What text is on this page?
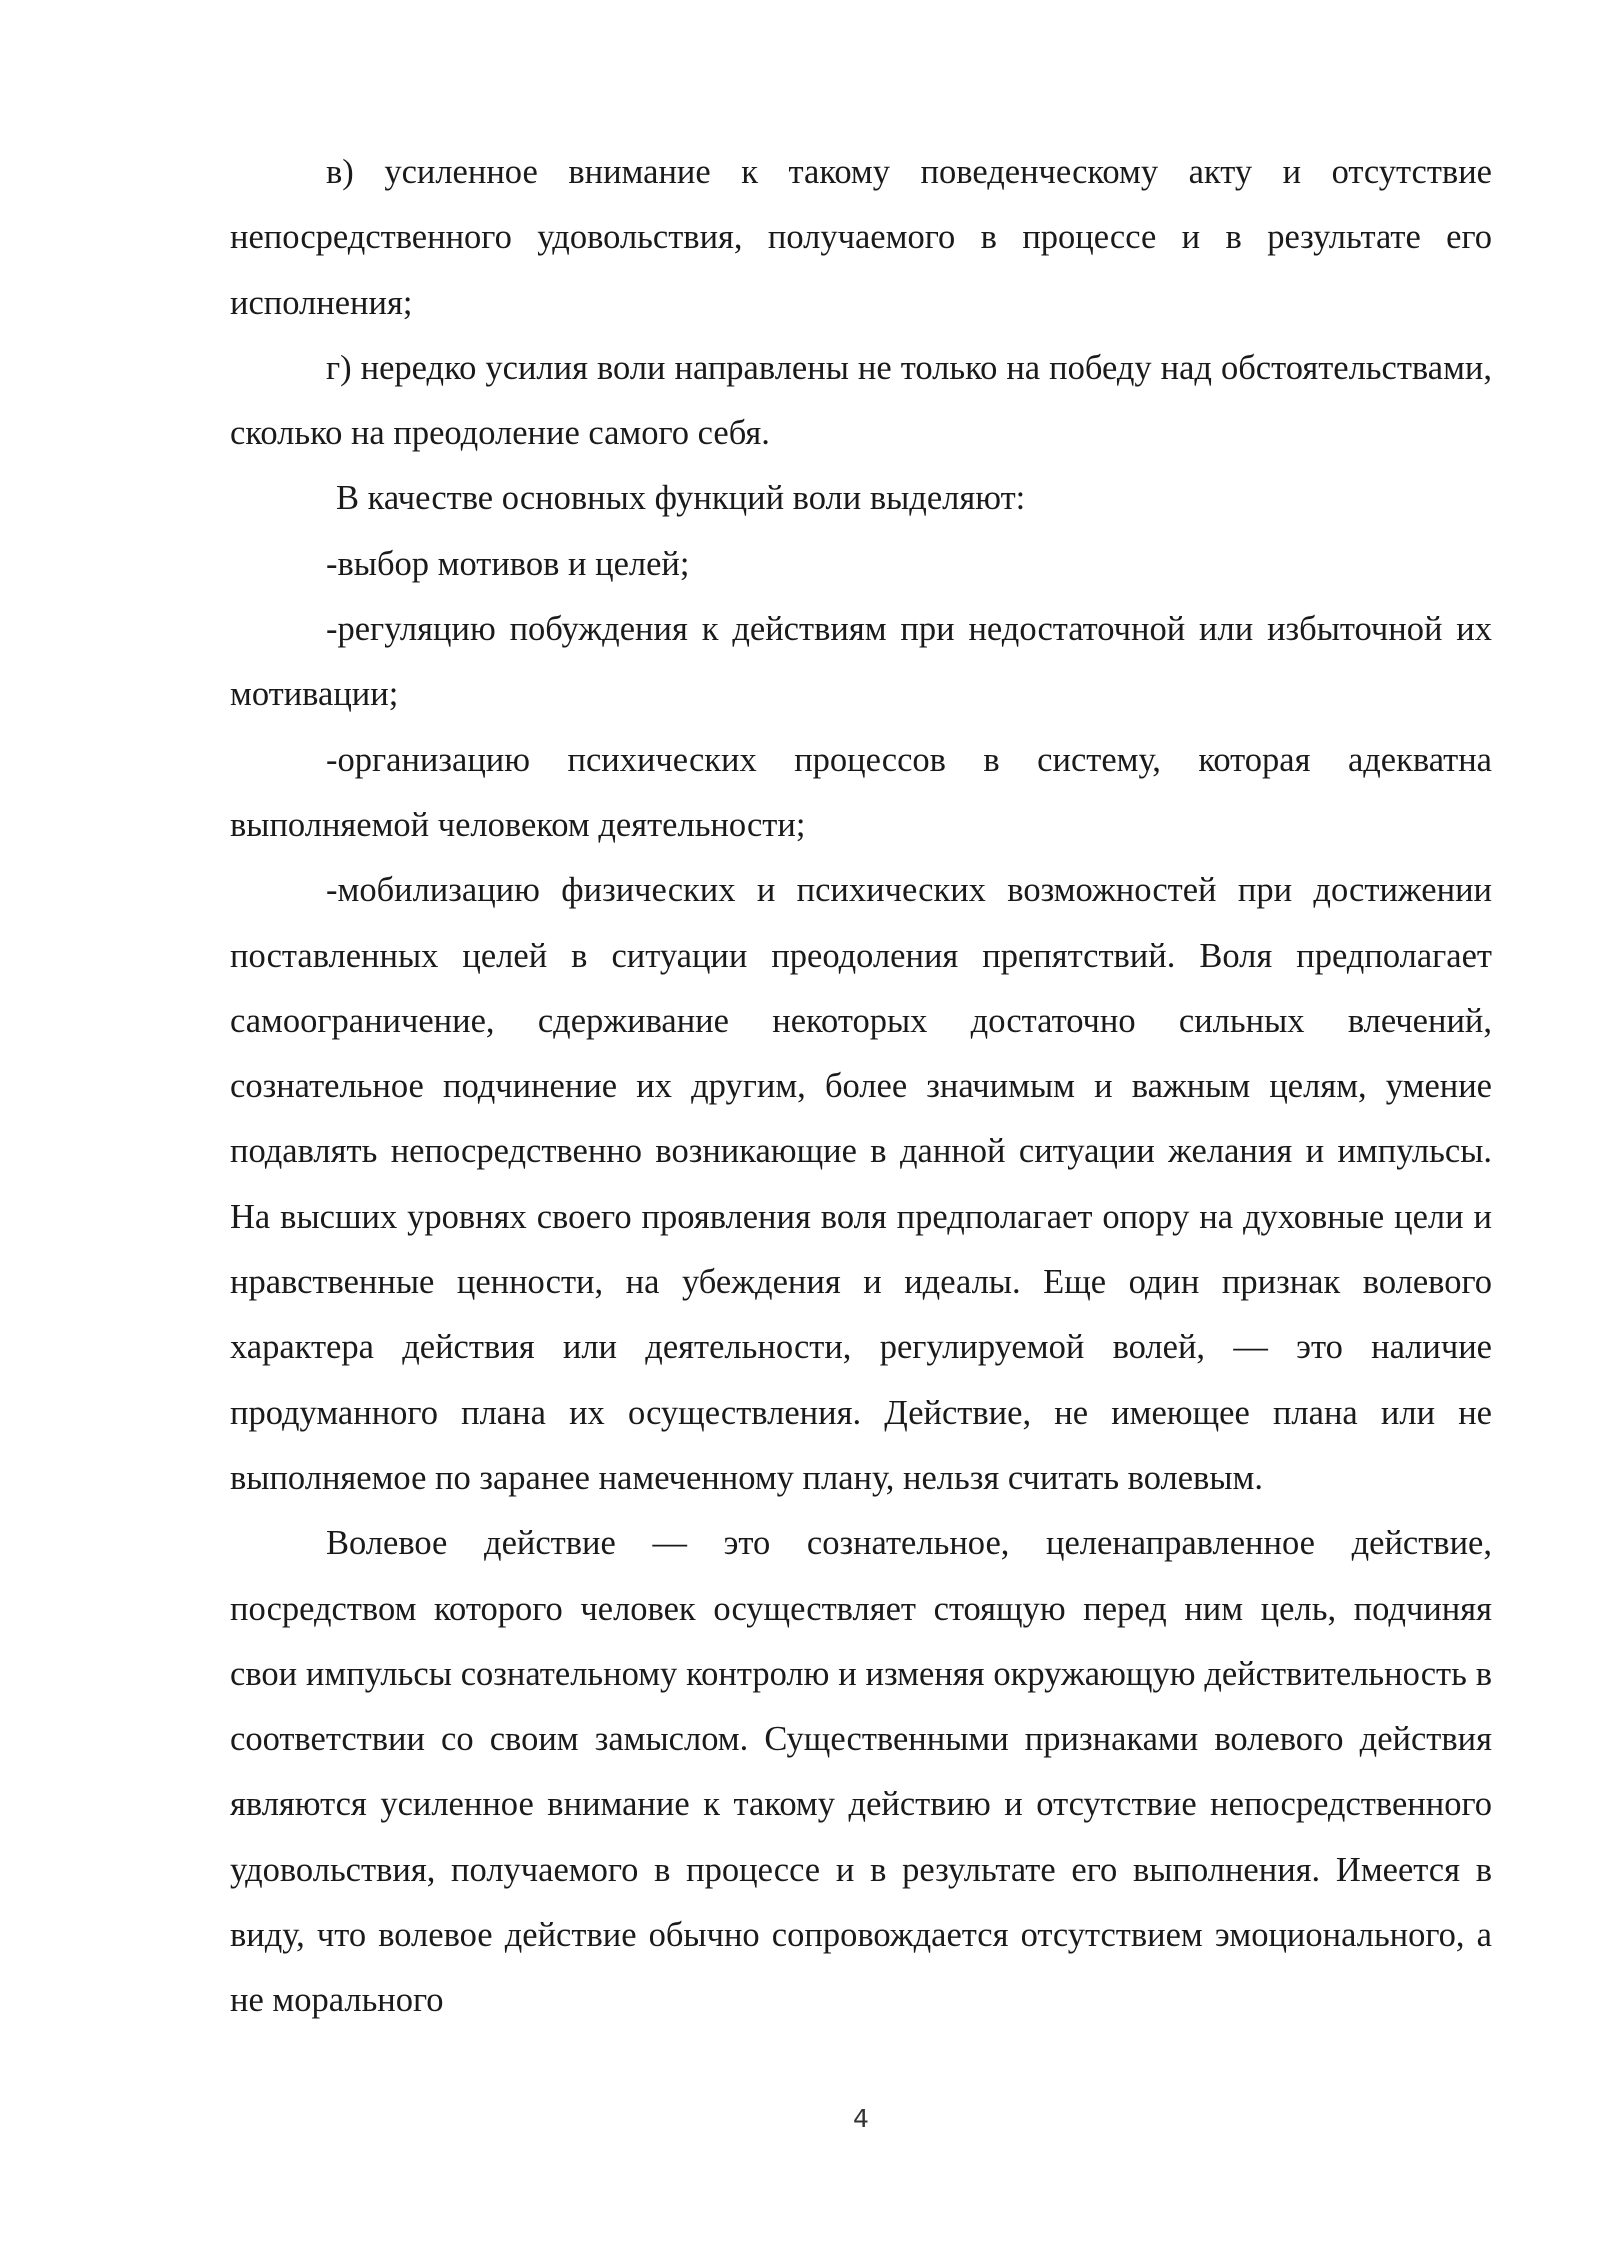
в) усиленное внимание к такому поведенческому акту и отсутствие непосредственного удовольствия, получаемого в процессе и в результате его исполнения;

г) нередко усилия воли направлены не только на победу над обстоятельствами, сколько на преодоление самого себя.

В качестве основных функций воли выделяют:

-выбор мотивов и целей;

-регуляцию побуждения к действиям при недостаточной или избыточной их мотивации;

-организацию психических процессов в систему, которая адекватна выполняемой человеком деятельности;

-мобилизацию физических и психических возможностей при достижении поставленных целей в ситуации преодоления препятствий. Воля предполагает самоограничение, сдерживание некоторых достаточно сильных влечений, сознательное подчинение их другим, более значимым и важным целям, умение подавлять непосредственно возникающие в данной ситуации желания и импульсы. На высших уровнях своего проявления воля предполагает опору на духовные цели и нравственные ценности, на убеждения и идеалы. Еще один признак волевого характера действия или деятельности, регулируемой волей, — это наличие продуманного плана их осуществления. Действие, не имеющее плана или не выполняемое по заранее намеченному плану, нельзя считать волевым.

Волевое действие — это сознательное, целенаправленное действие, посредством которого человек осуществляет стоящую перед ним цель, подчиняя свои импульсы сознательному контролю и изменяя окружающую действительность в соответствии со своим замыслом. Существенными признаками волевого действия являются усиленное внимание к такому действию и отсутствие непосредственного удовольствия, получаемого в процессе и в результате его выполнения. Имеется в виду, что волевое действие обычно сопровождается отсутствием эмоционального, а не морального

4
